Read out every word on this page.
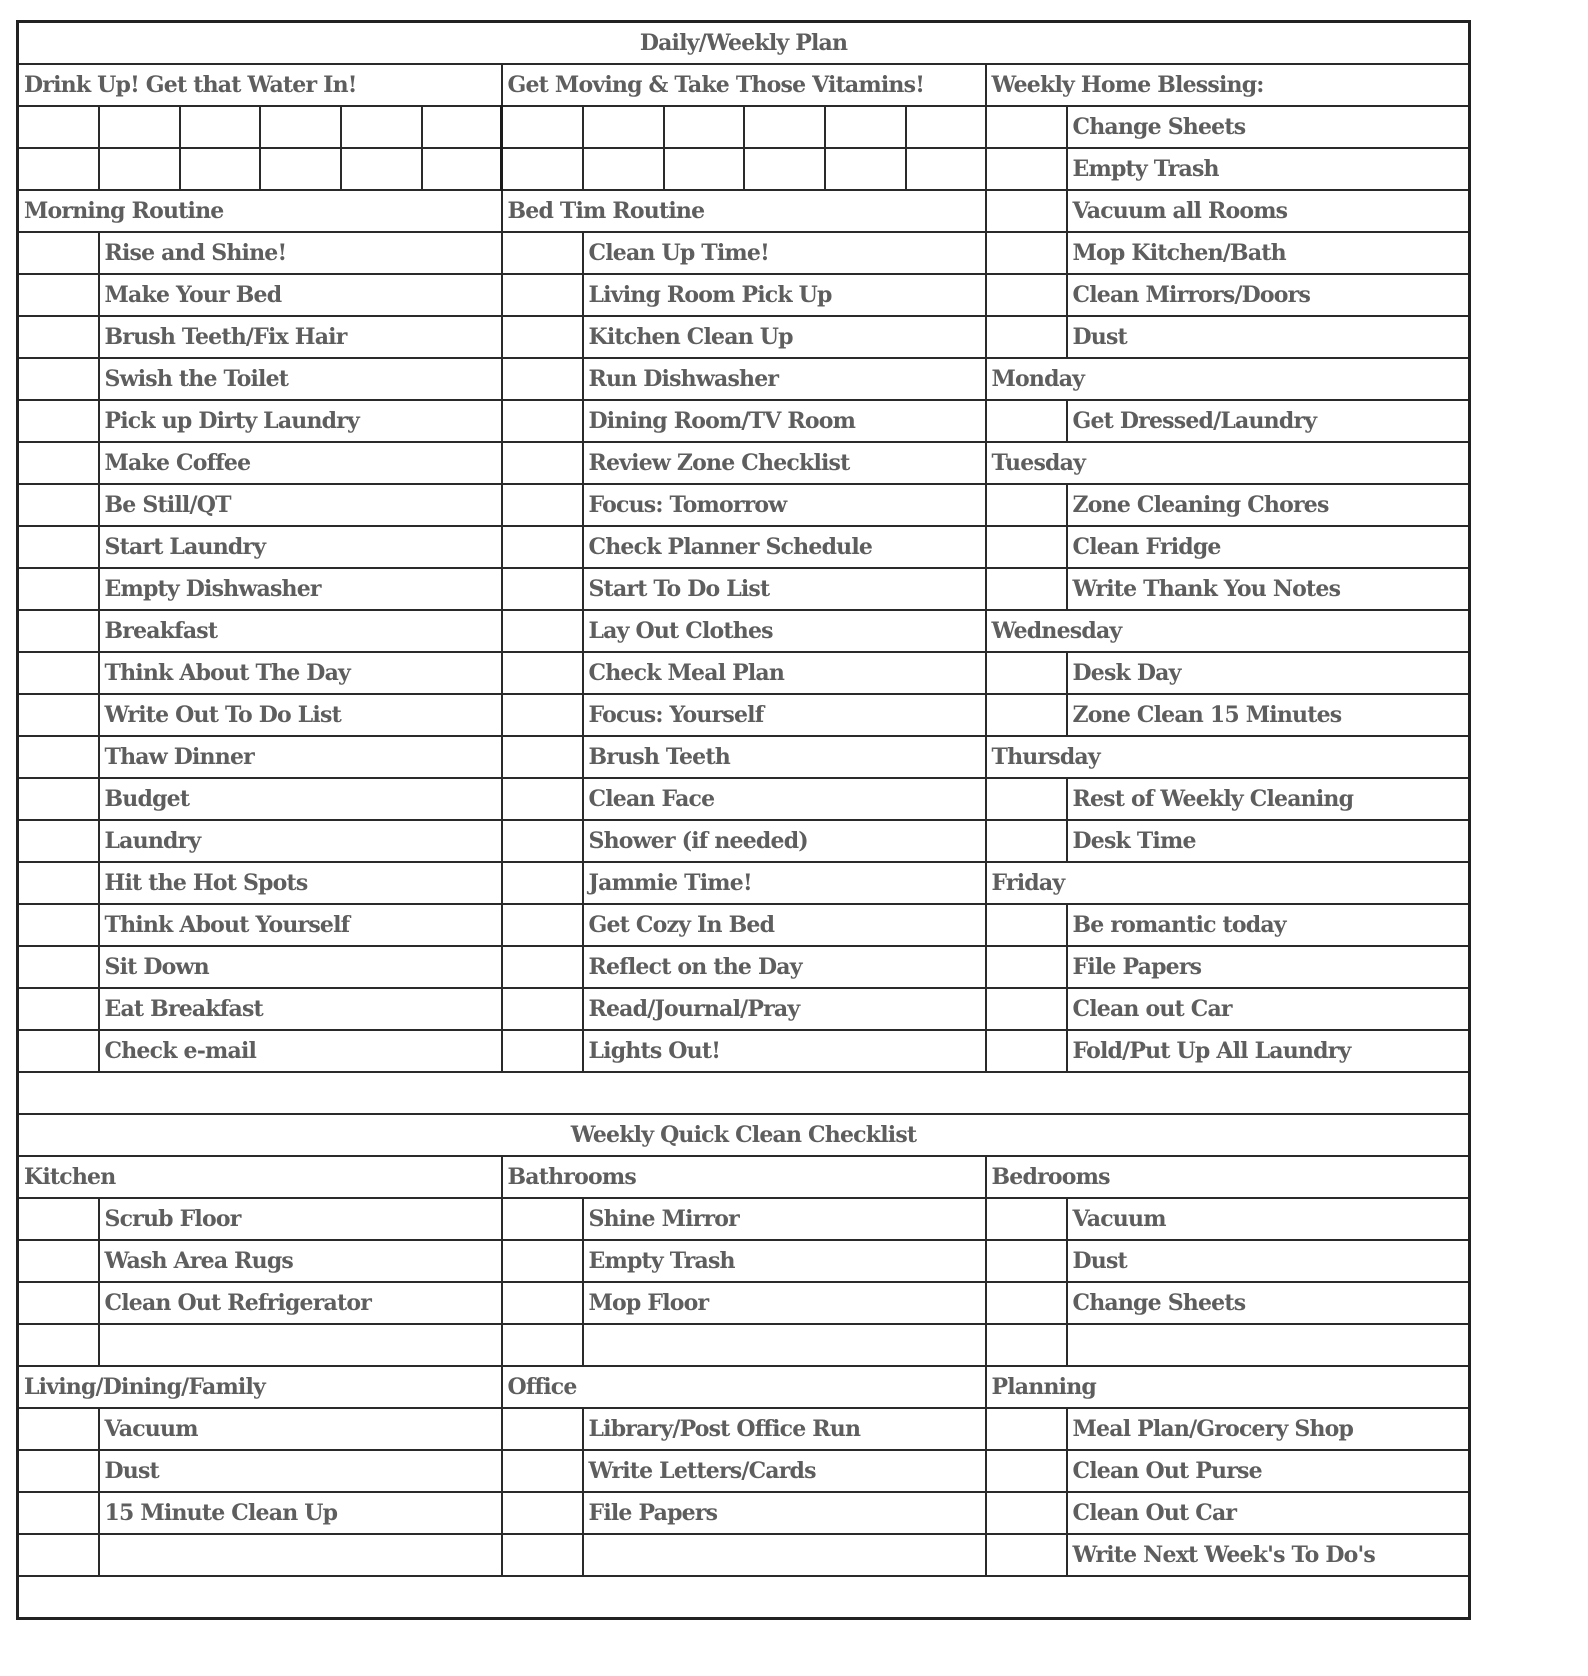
Daily/Weekly Plan													
Drink Up! Get that Water In!						Get Moving & Take Those Vitamins!						Weekly Home Blessing:	
													Change Sheets
													Empty Trash
Morning Routine						Bed Tim Routine							Vacuum all Rooms
	Rise and Shine!						Clean Up Time!						Mop Kitchen/Bath
	Make Your Bed						Living Room Pick Up						Clean Mirrors/Doors
	Brush Teeth/Fix Hair						Kitchen Clean Up						Dust
	Swish the Toilet						Run Dishwasher					Monday	
	Pick up Dirty Laundry						Dining Room/TV Room						Get Dressed/Laundry
	Make Coffee						Review Zone Checklist					Tuesday	
	Be Still/QT						Focus: Tomorrow						Zone Cleaning Chores
	Start Laundry						Check Planner Schedule						Clean Fridge
	Empty Dishwasher						Start To Do List						Write Thank You Notes
	Breakfast						Lay Out Clothes					Wednesday	
	Think About The Day						Check Meal Plan						Desk Day
	Write Out To Do List						Focus: Yourself						Zone Clean 15 Minutes
	Thaw Dinner						Brush Teeth					Thursday	
	Budget						Clean Face						Rest of Weekly Cleaning
	Laundry						Shower (if needed)						Desk Time
	Hit the Hot Spots						Jammie Time!					Friday	
	Think About Yourself						Get Cozy In Bed						Be romantic today
	Sit Down						Reflect on the Day						File Papers
	Eat Breakfast						Read/Journal/Pray						Clean out Car
	Check e-mail						Lights Out!						Fold/Put Up All Laundry

Weekly Quick Clean Checklist													
Kitchen						Bathrooms						Bedrooms	
	Scrub Floor						Shine Mirror						Vacuum
	Wash Area Rugs						Empty Trash						Dust
	Clean Out Refrigerator						Mop Floor						Change Sheets

Living/Dining/Family						Office						Planning	
	Vacuum						Library/Post Office Run						Meal Plan/Grocery Shop
	Dust						Write Letters/Cards						Clean Out Purse
	15 Minute Clean Up						File Papers						Clean Out Car
													Write Next Week's To Do's
